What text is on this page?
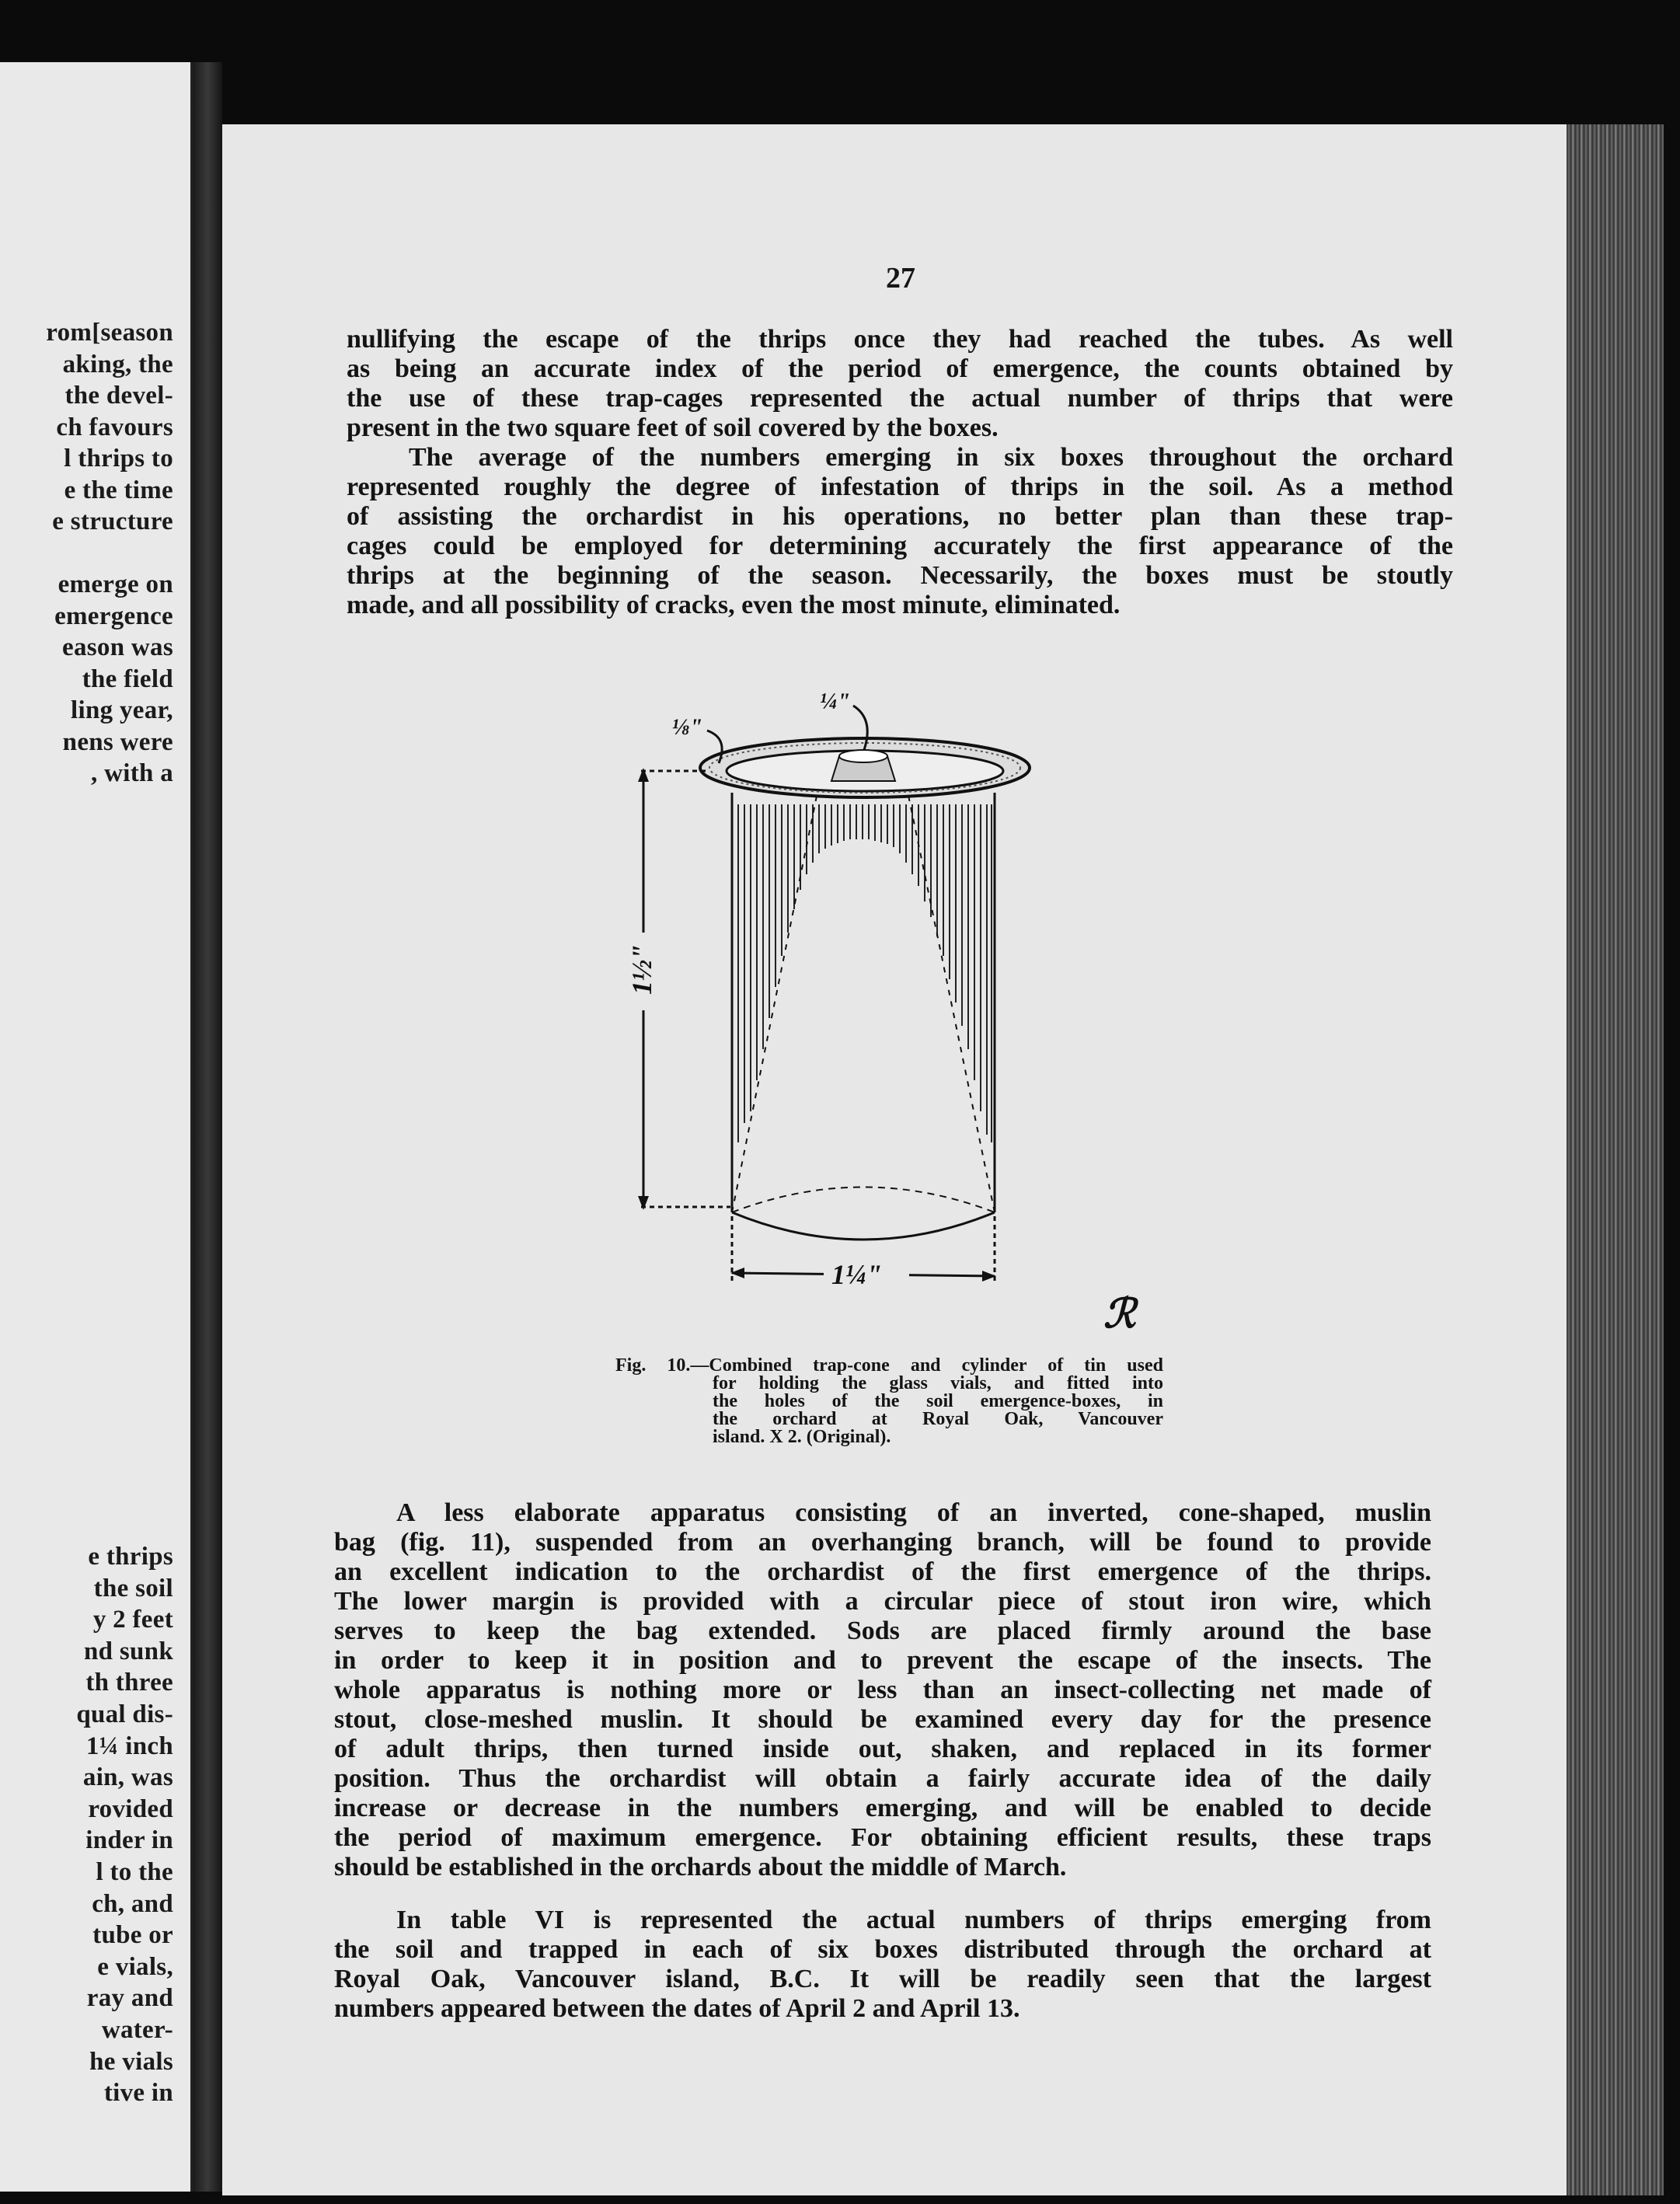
rom[season
aking, the
the devel-
ch favours
l thrips to
e the time
e structure
emerge on
emergence
eason was
the field
ling year,
nens were
, with a
e thrips
the soil
y 2 feet
nd sunk
th three
qual dis-
1¼ inch
ain, was
rovided
inder in
l to the
ch, and
tube or
e vials,
ray and
water-
he vials
tive in
27
nullifying the escape of the thrips once they had reached the tubes. As well
as being an accurate index of the period of emergence, the counts obtained by
the use of these trap-cages represented the actual number of thrips that were
present in the two square feet of soil covered by the boxes.
The average of the numbers emerging in six boxes throughout the orchard
represented roughly the degree of infestation of thrips in the soil. As a method
of assisting the orchardist in his operations, no better plan than these trap-
cages could be employed for determining accurately the first appearance of the
thrips at the beginning of the season. Necessarily, the boxes must be stoutly
made, and all possibility of cracks, even the most minute, eliminated.
⅛"
¼"
1½"
1¼"
ℛ
Fig. 10.—Combined trap-cone and cylinder of tin used
for holding the glass vials, and fitted into
the holes of the soil emergence-boxes, in
the orchard at Royal Oak, Vancouver
island. X 2. (Original).
A less elaborate apparatus consisting of an inverted, cone-shaped, muslin
bag (fig. 11), suspended from an overhanging branch, will be found to provide
an excellent indication to the orchardist of the first emergence of the thrips.
The lower margin is provided with a circular piece of stout iron wire, which
serves to keep the bag extended. Sods are placed firmly around the base
in order to keep it in position and to prevent the escape of the insects. The
whole apparatus is nothing more or less than an insect-collecting net made of
stout, close-meshed muslin. It should be examined every day for the presence
of adult thrips, then turned inside out, shaken, and replaced in its former
position. Thus the orchardist will obtain a fairly accurate idea of the daily
increase or decrease in the numbers emerging, and will be enabled to decide
the period of maximum emergence. For obtaining efficient results, these traps
should be established in the orchards about the middle of March.
In table VI is represented the actual numbers of thrips emerging from
the soil and trapped in each of six boxes distributed through the orchard at
Royal Oak, Vancouver island, B.C. It will be readily seen that the largest
numbers appeared between the dates of April 2 and April 13.
